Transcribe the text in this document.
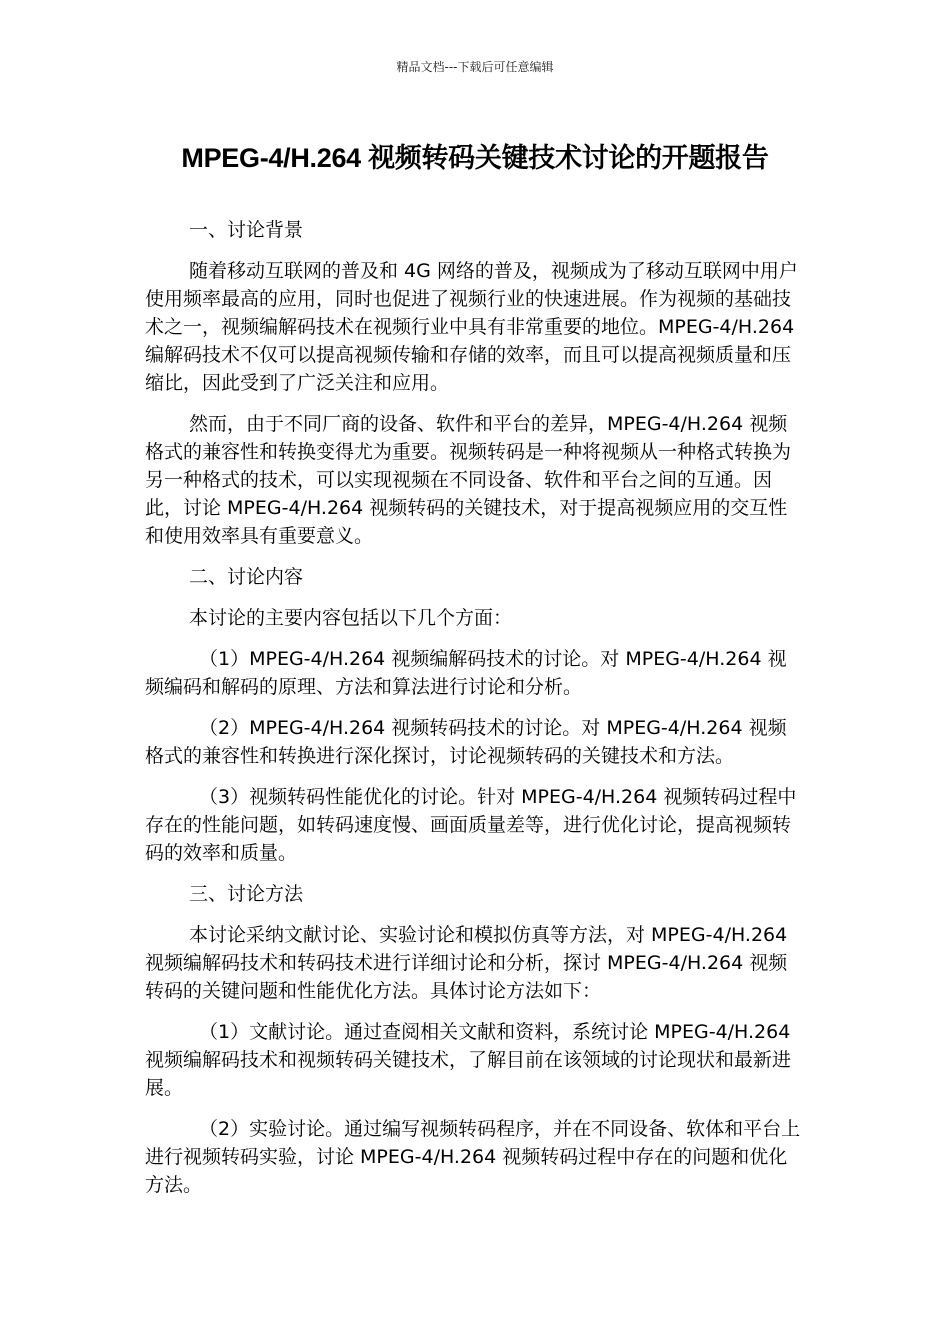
精品文档---下载后可任意编辑
MPEG-4/H.264 视频转码关键技术讨论的开题报告

一、讨论背景

随着移动互联网的普及和 4G 网络的普及，视频成为了移动互联网中用户使用频率最高的应用，同时也促进了视频行业的快速进展。作为视频的基础技术之一，视频编解码技术在视频行业中具有非常重要的地位。MPEG-4/H.264 编解码技术不仅可以提高视频传输和存储的效率，而且可以提高视频质量和压缩比，因此受到了广泛关注和应用。

然而，由于不同厂商的设备、软件和平台的差异，MPEG-4/H.264 视频格式的兼容性和转换变得尤为重要。视频转码是一种将视频从一种格式转换为另一种格式的技术，可以实现视频在不同设备、软件和平台之间的互通。因此，讨论 MPEG-4/H.264 视频转码的关键技术，对于提高视频应用的交互性和使用效率具有重要意义。

二、讨论内容

本讨论的主要内容包括以下几个方面：

（1）MPEG-4/H.264 视频编解码技术的讨论。对 MPEG-4/H.264 视频编码和解码的原理、方法和算法进行讨论和分析。

（2）MPEG-4/H.264 视频转码技术的讨论。对 MPEG-4/H.264 视频格式的兼容性和转换进行深化探讨，讨论视频转码的关键技术和方法。

（3）视频转码性能优化的讨论。针对 MPEG-4/H.264 视频转码过程中存在的性能问题，如转码速度慢、画面质量差等，进行优化讨论，提高视频转码的效率和质量。

三、讨论方法

本讨论采纳文献讨论、实验讨论和模拟仿真等方法，对 MPEG-4/H.264 视频编解码技术和转码技术进行详细讨论和分析，探讨 MPEG-4/H.264 视频转码的关键问题和性能优化方法。具体讨论方法如下：

（1）文献讨论。通过查阅相关文献和资料，系统讨论 MPEG-4/H.264 视频编解码技术和视频转码关键技术，了解目前在该领域的讨论现状和最新进展。

（2）实验讨论。通过编写视频转码程序，并在不同设备、软体和平台上进行视频转码实验，讨论 MPEG-4/H.264 视频转码过程中存在的问题和优化方法。
